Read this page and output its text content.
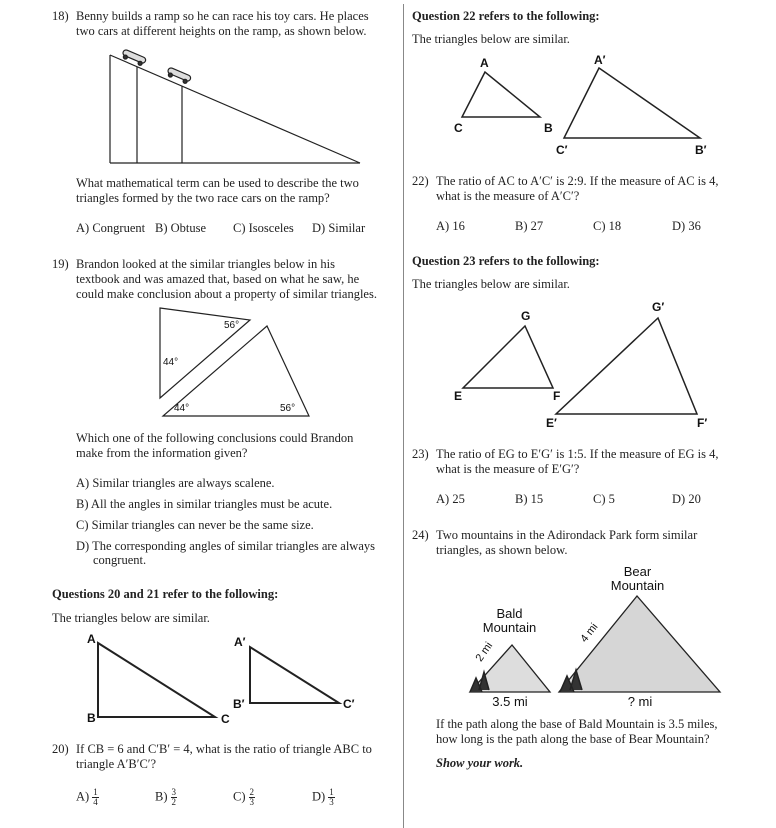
18) Benny builds a ramp so he can race his toy cars. He places
two cars at different heights on the ramp, as shown below.
What mathematical term can be used to describe the two
triangles formed by the two race cars on the ramp?
A) Congruent B) Obtuse C) Isosceles D) Similar
19) Brandon looked at the similar triangles below in his
textbook and was amazed that, based on what he saw, he
could make conclusion about a property of similar triangles.
56°
44°
44°	56°
Which one of the following conclusions could Brandon
make from the information given?
A) Similar triangles are always scalene.
B) All the angles in similar triangles must be acute.
C) Similar triangles can never be the same size.
D) The corresponding angles of similar triangles are always
congruent.
Questions 20 and 21 refer to the following:
The triangles below are similar.
A
B	C
A′
B′	C′
20) If CB = 6 and C′B′ = 4, what is the ratio of triangle ABC to
triangle A′B′C′?
$A) \frac{1}{4}$	$B) \frac{3}{2}$	$C) \frac{2}{3}$	$D) \frac{1}{3}$
Question 22 refers to the following:
The triangles below are similar.
A
C	B
A′
C′	B′
22) The ratio of AC to A′C′ is 2:9. If the measure of AC is 4,
what is the measure of A′C′?
A) 16	B) 27	C) 18	D) 36
Question 23 refers to the following:
The triangles below are similar.
G
E	F
G′
E′	F′
23) The ratio of EG to E′G′ is 1:5. If the measure of EG is 4,
what is the measure of E′G′?
A) 25	B) 15	C) 5	D) 20
24) Two mountains in the Adirondack Park form similar
triangles, as shown below.
Bear
Mountain
Bald
Mountain
2 mi
4 mi
3.5 mi	? mi
If the path along the base of Bald Mountain is 3.5 miles,
how long is the path along the base of Bear Mountain?
Show your work.
